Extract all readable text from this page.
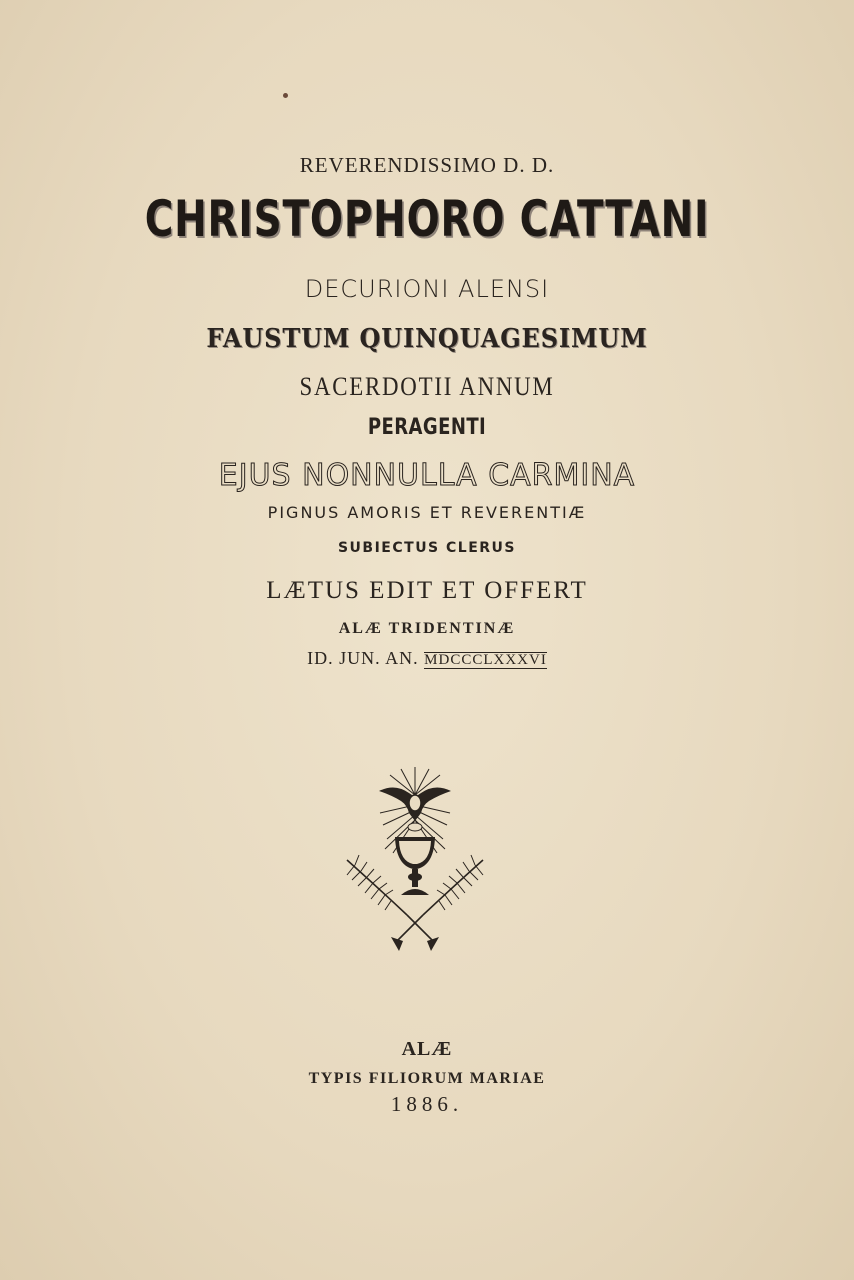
REVERENDISSIMO D. D.
CHRISTOPHORO CATTANI
DECURIONI ALENSI
FAUSTUM QUINQUAGESIMUM
SACERDOTII ANNUM
PERAGENTI
EJUS NONNULLA CARMINA
PIGNUS AMORIS ET REVERENTIÆ
SUBIECTUS CLERUS
LÆTUS EDIT ET OFFERT
ALÆ TRIDENTINÆ
ID. JUN. AN. MDCCCLXXXVI
ALÆ
TYPIS FILIORUM MARIAE
1886.
